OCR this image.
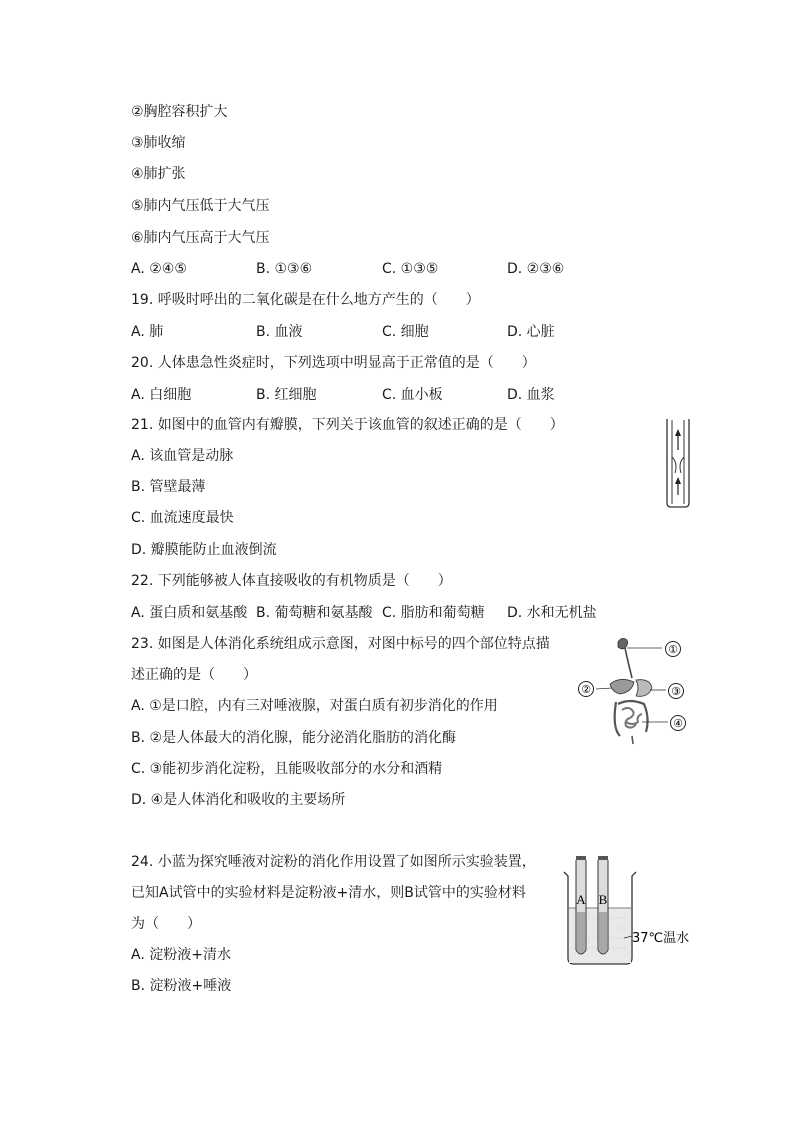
②胸腔容积扩大
③肺收缩
④肺扩张
⑤肺内气压低于大气压
⑥肺内气压高于大气压
A. ②④⑤	B. ①③⑥	C. ①③⑤	D. ②③⑥
19. 呼吸时呼出的二氧化碳是在什么地方产生的（　　）
A. 肺	B. 血液	C. 细胞	D. 心脏
20. 人体患急性炎症时，下列选项中明显高于正常值的是（　　）
A. 白细胞	B. 红细胞	C. 血小板	D. 血浆
21. 如图中的血管内有瓣膜，下列关于该血管的叙述正确的是（　　）
A. 该血管是动脉
B. 管壁最薄
C. 血流速度最快
D. 瓣膜能防止血液倒流
22. 下列能够被人体直接吸收的有机物质是（　　）
A. 蛋白质和氨基酸 B. 葡萄糖和氨基酸 C. 脂肪和葡萄糖 D. 水和无机盐
23. 如图是人体消化系统组成示意图，对图中标号的四个部位特点描
述正确的是（　　）
A. ①是口腔，内有三对唾液腺，对蛋白质有初步消化的作用
B. ②是人体最大的消化腺，能分泌消化脂肪的消化酶
C. ③能初步消化淀粉，且能吸收部分的水分和酒精
D. ④是人体消化和吸收的主要场所
①
②	③
④
24. 小蓝为探究唾液对淀粉的消化作用设置了如图所示实验装置，
已知A试管中的实验材料是淀粉液+清水，则B试管中的实验材料
为（　　）
A. 淀粉液+清水
B. 淀粉液+唾液
A B
37℃温水
